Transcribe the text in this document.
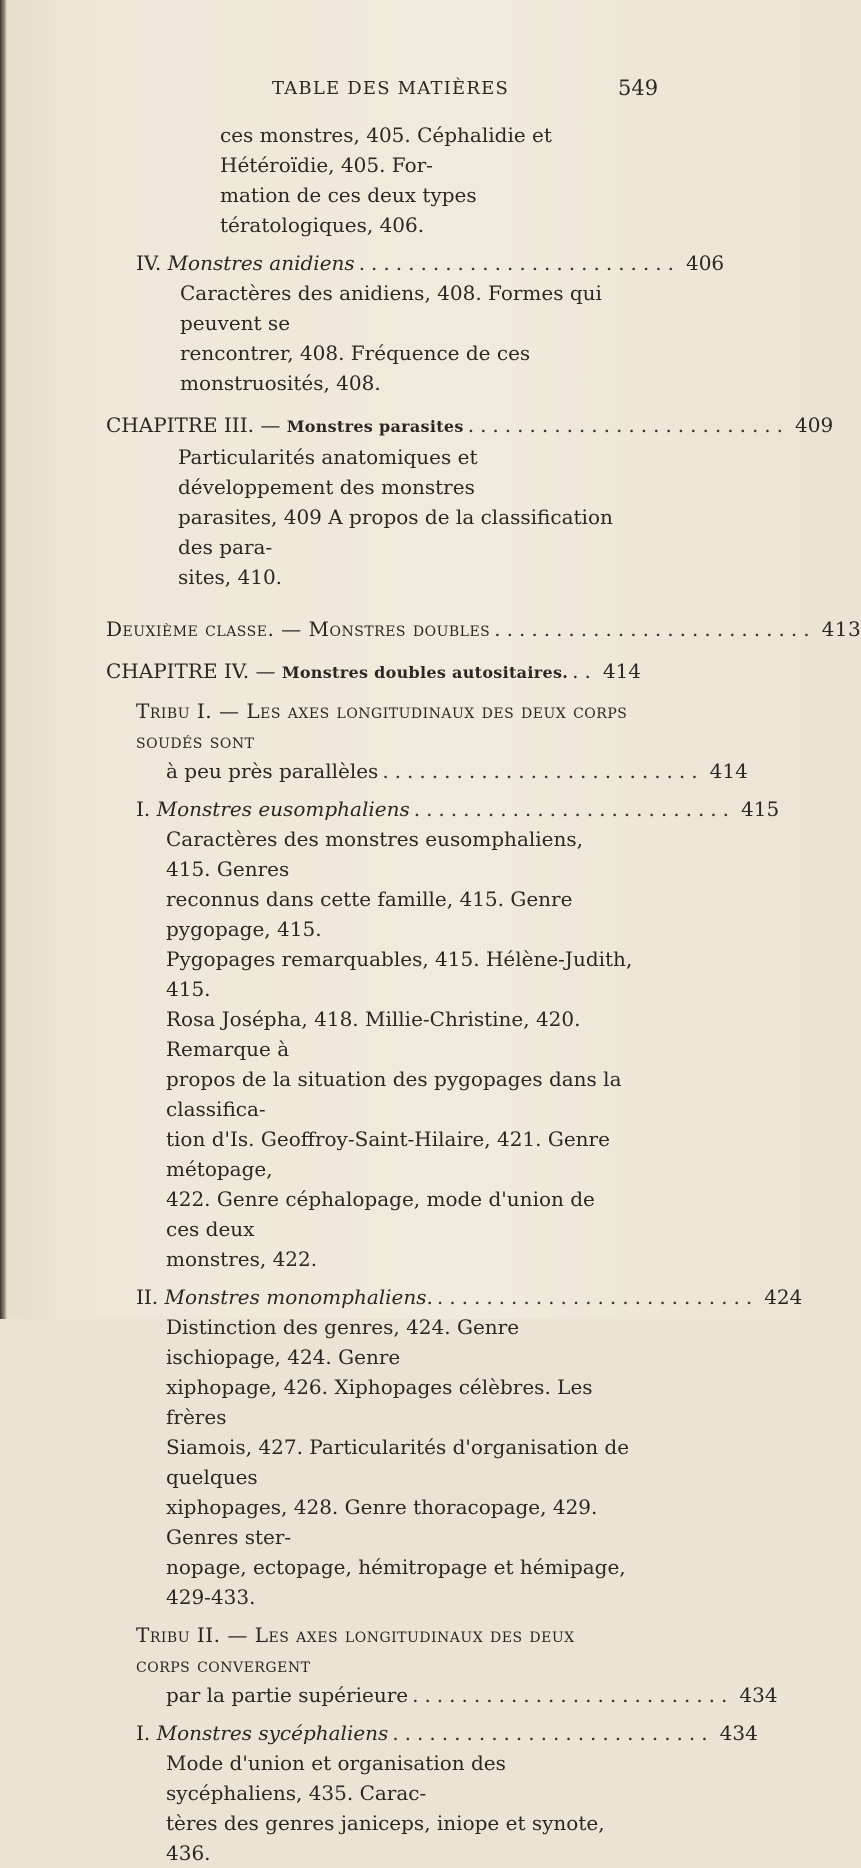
TABLE DES MATIÈRES	549
ces monstres, 405. Céphalidie et Hétéroïdie, 405. For-
mation de ces deux types tératologiques, 406.
IV. Monstres anidiens .......................... 406
Caractères des anidiens, 408. Formes qui peuvent se
rencontrer, 408. Fréquence de ces monstruosités, 408.
CHAPITRE III. — Monstres parasites .......................... 409
Particularités anatomiques et développement des monstres
parasites, 409 A propos de la classification des para-
sites, 410.
Deuxième classe. — Monstres doubles .......................... 413
CHAPITRE IV. — Monstres doubles autositaires. .. 414
Tribu I. — Les axes longitudinaux des deux corps soudés sont
à peu près parallèles .......................... 414
I. Monstres eusomphaliens .......................... 415
Caractères des monstres eusomphaliens, 415. Genres
reconnus dans cette famille, 415. Genre pygopage, 415.
Pygopages remarquables, 415. Hélène-Judith, 415.
Rosa Josépha, 418. Millie-Christine, 420. Remarque à
propos de la situation des pygopages dans la classifica-
tion d'Is. Geoffroy-Saint-Hilaire, 421. Genre métopage,
422. Genre céphalopage, mode d'union de ces deux
monstres, 422.
II. Monstres monomphaliens. .......................... 424
Distinction des genres, 424. Genre ischiopage, 424. Genre
xiphopage, 426. Xiphopages célèbres. Les frères
Siamois, 427. Particularités d'organisation de quelques
xiphopages, 428. Genre thoracopage, 429. Genres ster-
nopage, ectopage, hémitropage et hémipage, 429-433.
Tribu II. — Les axes longitudinaux des deux corps convergent
par la partie supérieure .......................... 434
I. Monstres sycéphaliens .......................... 434
Mode d'union et organisation des sycéphaliens, 435. Carac-
tères des genres janiceps, iniope et synote, 436.
